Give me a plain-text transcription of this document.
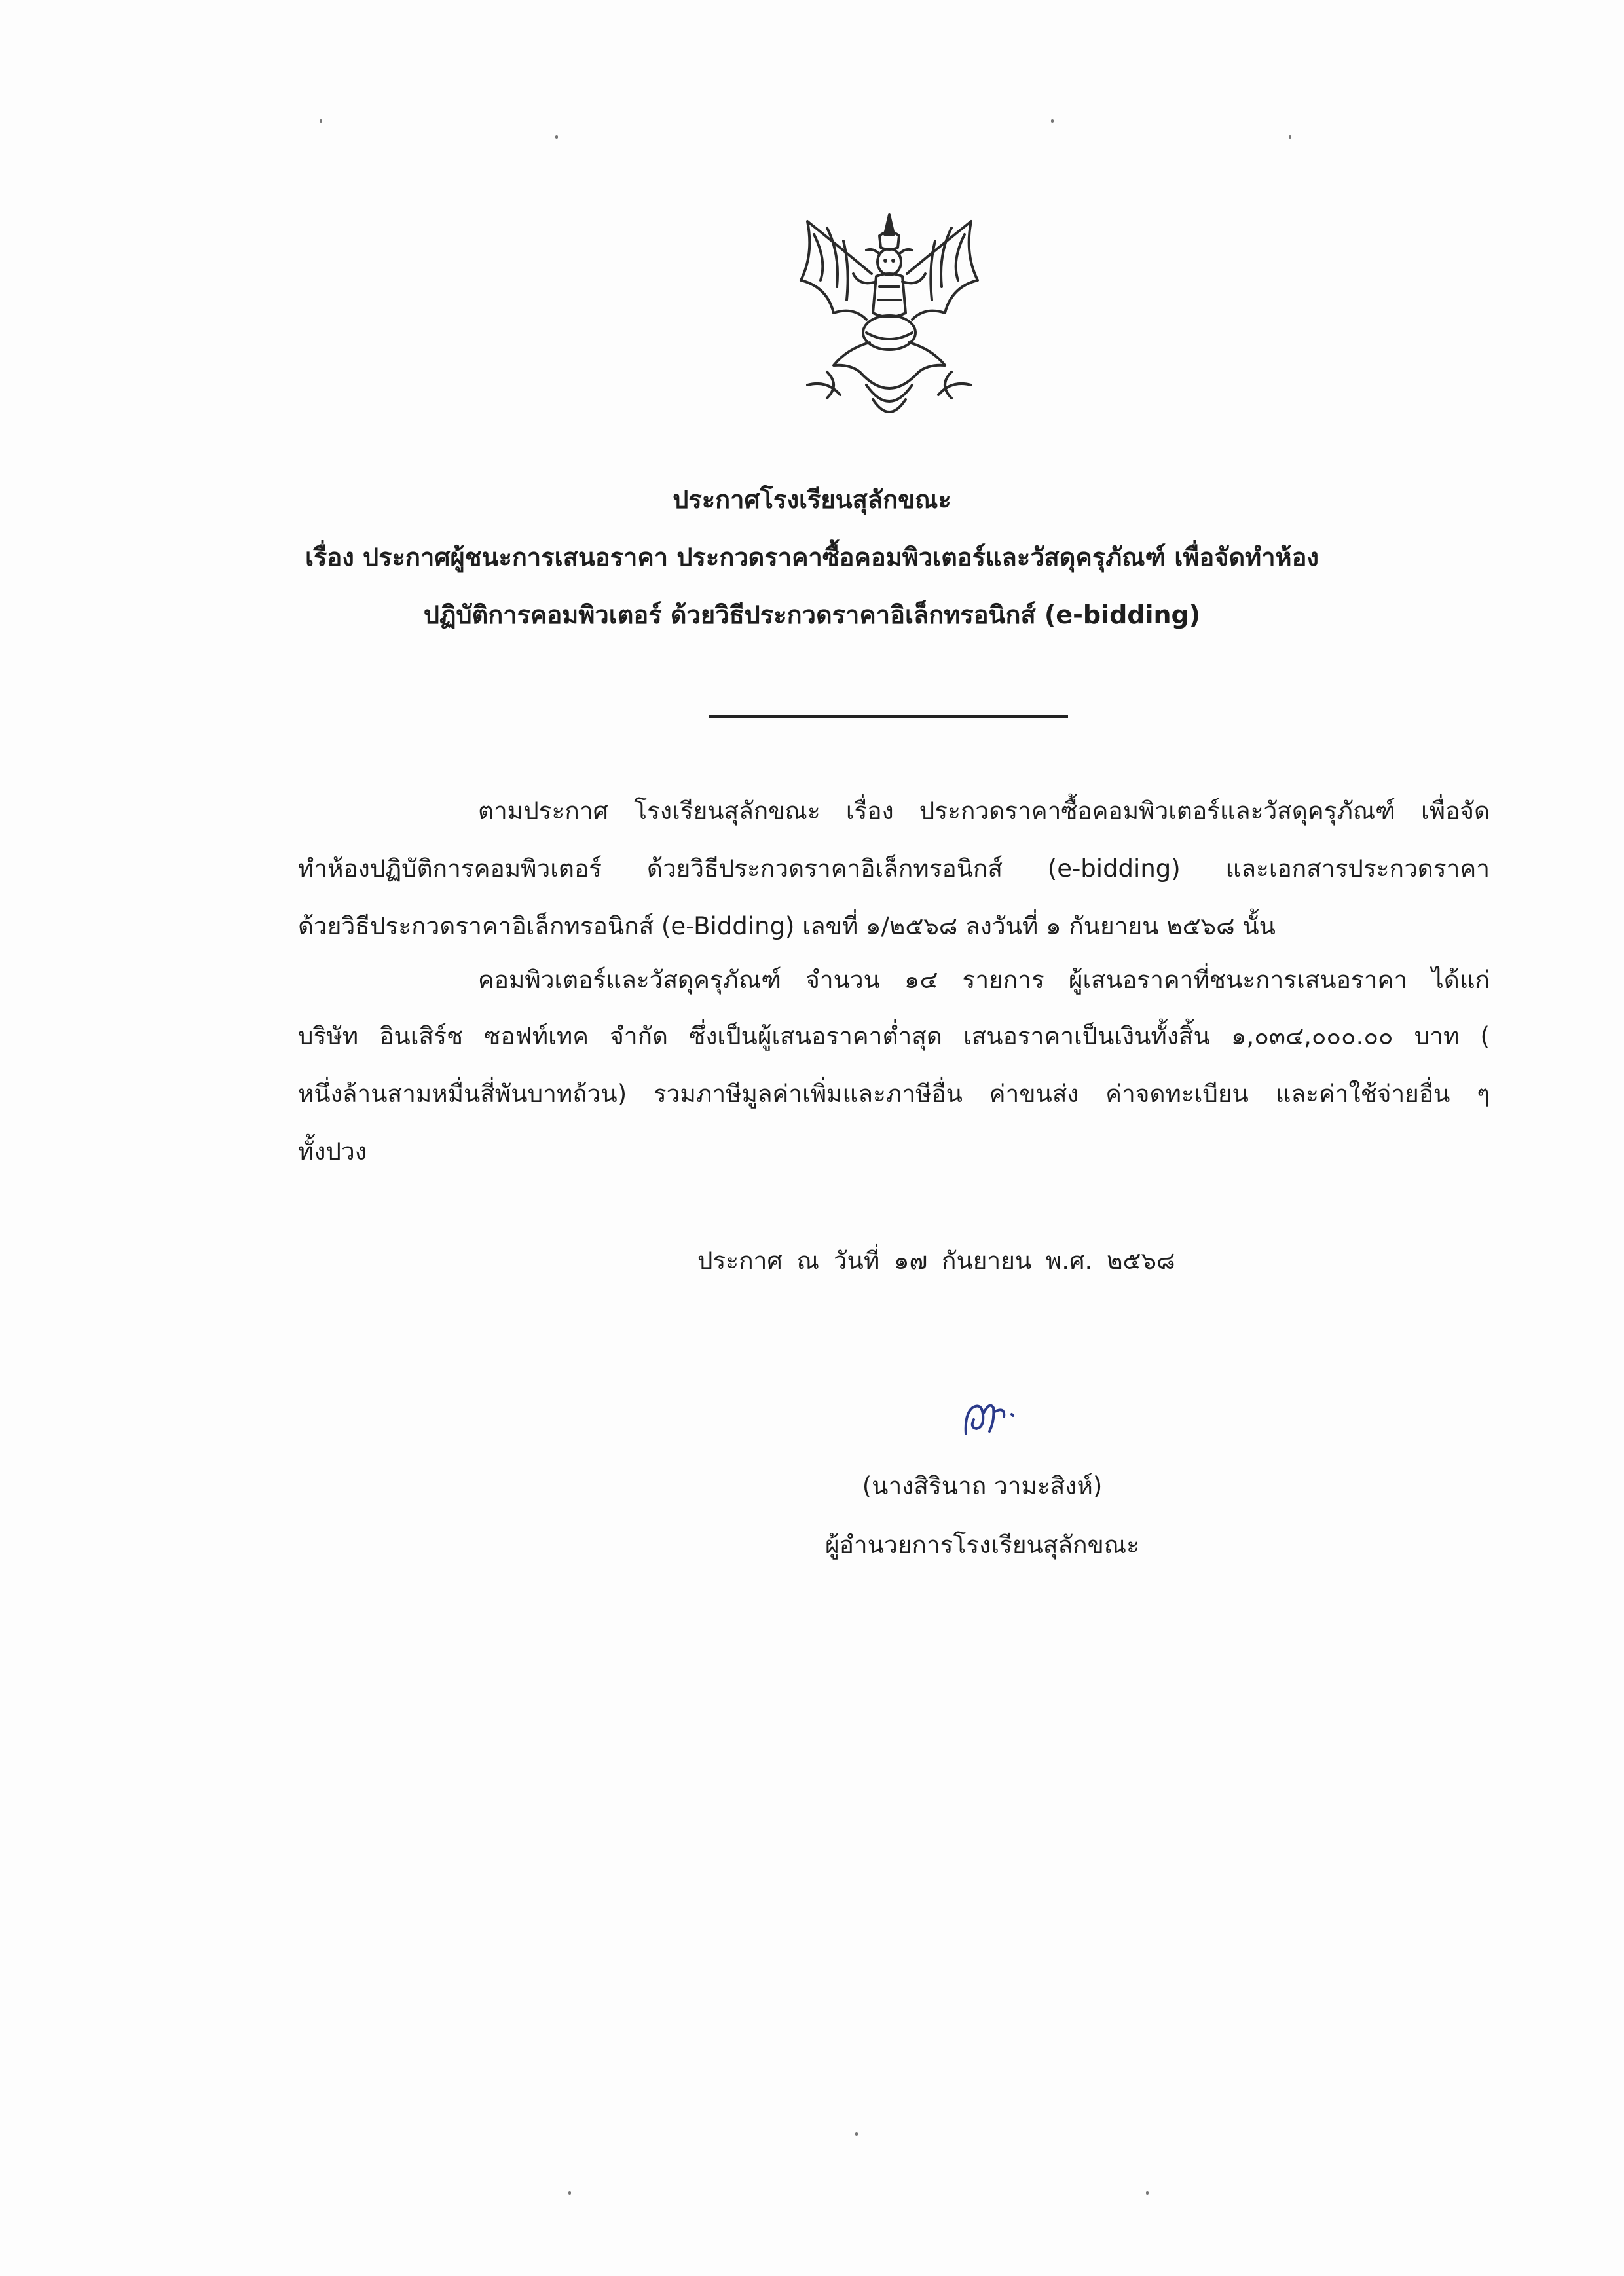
ประกาศโรงเรียนสุลักขณะ
เรื่อง ประกาศผู้ชนะการเสนอราคา ประกวดราคาซื้อคอมพิวเตอร์และวัสดุครุภัณฑ์ เพื่อจัดทำห้อง
ปฏิบัติการคอมพิวเตอร์ ด้วยวิธีประกวดราคาอิเล็กทรอนิกส์ (e-bidding)
ตามประกาศ โรงเรียนสุลักขณะ เรื่อง ประกวดราคาซื้อคอมพิวเตอร์และวัสดุครุภัณฑ์ เพื่อจัด
ทำห้องปฏิบัติการคอมพิวเตอร์ ด้วยวิธีประกวดราคาอิเล็กทรอนิกส์ (e-bidding) และเอกสารประกวดราคา
ด้วยวิธีประกวดราคาอิเล็กทรอนิกส์ (e-Bidding) เลขที่ ๑/๒๕๖๘ ลงวันที่ ๑ กันยายน ๒๕๖๘ นั้น
คอมพิวเตอร์และวัสดุครุภัณฑ์ จำนวน ๑๔ รายการ ผู้เสนอราคาที่ชนะการเสนอราคา ได้แก่
บริษัท อินเสิร์ช ซอฟท์เทค จำกัด ซึ่งเป็นผู้เสนอราคาต่ำสุด เสนอราคาเป็นเงินทั้งสิ้น ๑,๐๓๔,๐๐๐.๐๐ บาท (
หนึ่งล้านสามหมื่นสี่พันบาทถ้วน) รวมภาษีมูลค่าเพิ่มและภาษีอื่น ค่าขนส่ง ค่าจดทะเบียน และค่าใช้จ่ายอื่น ๆ
ทั้งปวง
ประกาศ ณ วันที่ ๑๗ กันยายน พ.ศ. ๒๕๖๘
(นางสิรินาถ วามะสิงห์)
ผู้อำนวยการโรงเรียนสุลักขณะ
